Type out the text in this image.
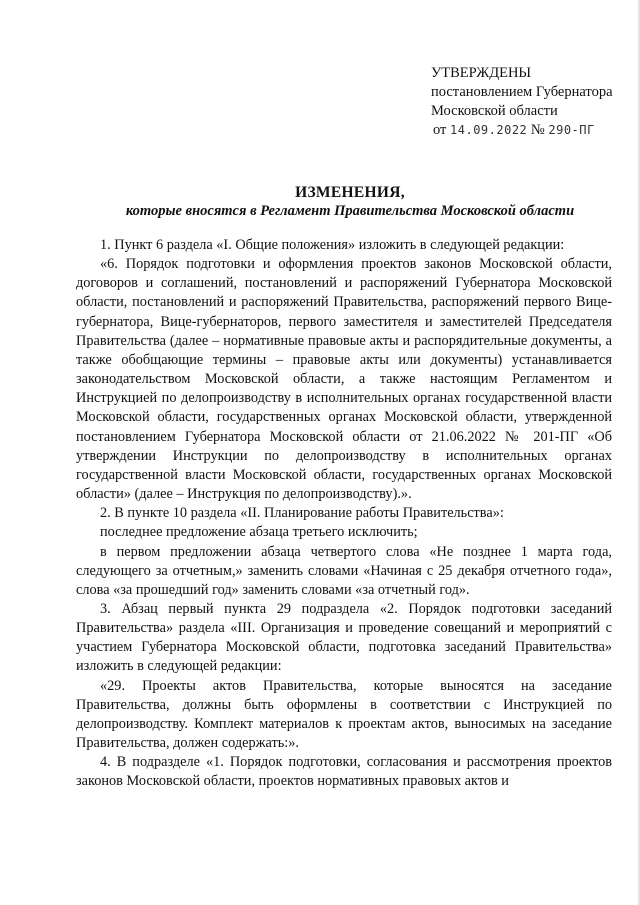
УТВЕРЖДЕНЫ
постановлением Губернатора
Московской области
от 14.09.2022 № 290-ПГ
ИЗМЕНЕНИЯ,
которые вносятся в Регламент Правительства Московской области

1. Пункт 6 раздела «I. Общие положения» изложить в следующей редакции:

«6. Порядок подготовки и оформления проектов законов Московской области, договоров и соглашений, постановлений и распоряжений Губернатора Московской области, постановлений и распоряжений Правительства, распоряжений первого Вице-губернатора, Вице-губернаторов, первого заместителя и заместителей Председателя Правительства (далее – нормативные правовые акты и распорядительные документы, а также обобщающие термины – правовые акты или документы) устанавливается законодательством Московской области, а также настоящим Регламентом и Инструкцией по делопроизводству в исполнительных органах государственной власти Московской области, государственных органах Московской области, утвержденной постановлением Губернатора Московской области от 21.06.2022 № 201-ПГ «Об утверждении Инструкции по делопроизводству в исполнительных органах государственной власти Московской области, государственных органах Московской области» (далее – Инструкция по делопроизводству).».

2. В пункте 10 раздела «II. Планирование работы Правительства»:

последнее предложение абзаца третьего исключить;

в первом предложении абзаца четвертого слова «Не позднее 1 марта года, следующего за отчетным,» заменить словами «Начиная с 25 декабря отчетного года», слова «за прошедший год» заменить словами «за отчетный год».

3. Абзац первый пункта 29 подраздела «2. Порядок подготовки заседаний Правительства» раздела «III. Организация и проведение совещаний и мероприятий с участием Губернатора Московской области, подготовка заседаний Правительства» изложить в следующей редакции:

«29. Проекты актов Правительства, которые выносятся на заседание Правительства, должны быть оформлены в соответствии с Инструкцией по делопроизводству. Комплект материалов к проектам актов, выносимых на заседание Правительства, должен содержать:».

4. В подразделе «1. Порядок подготовки, согласования и рассмотрения проектов законов Московской области, проектов нормативных правовых актов и
